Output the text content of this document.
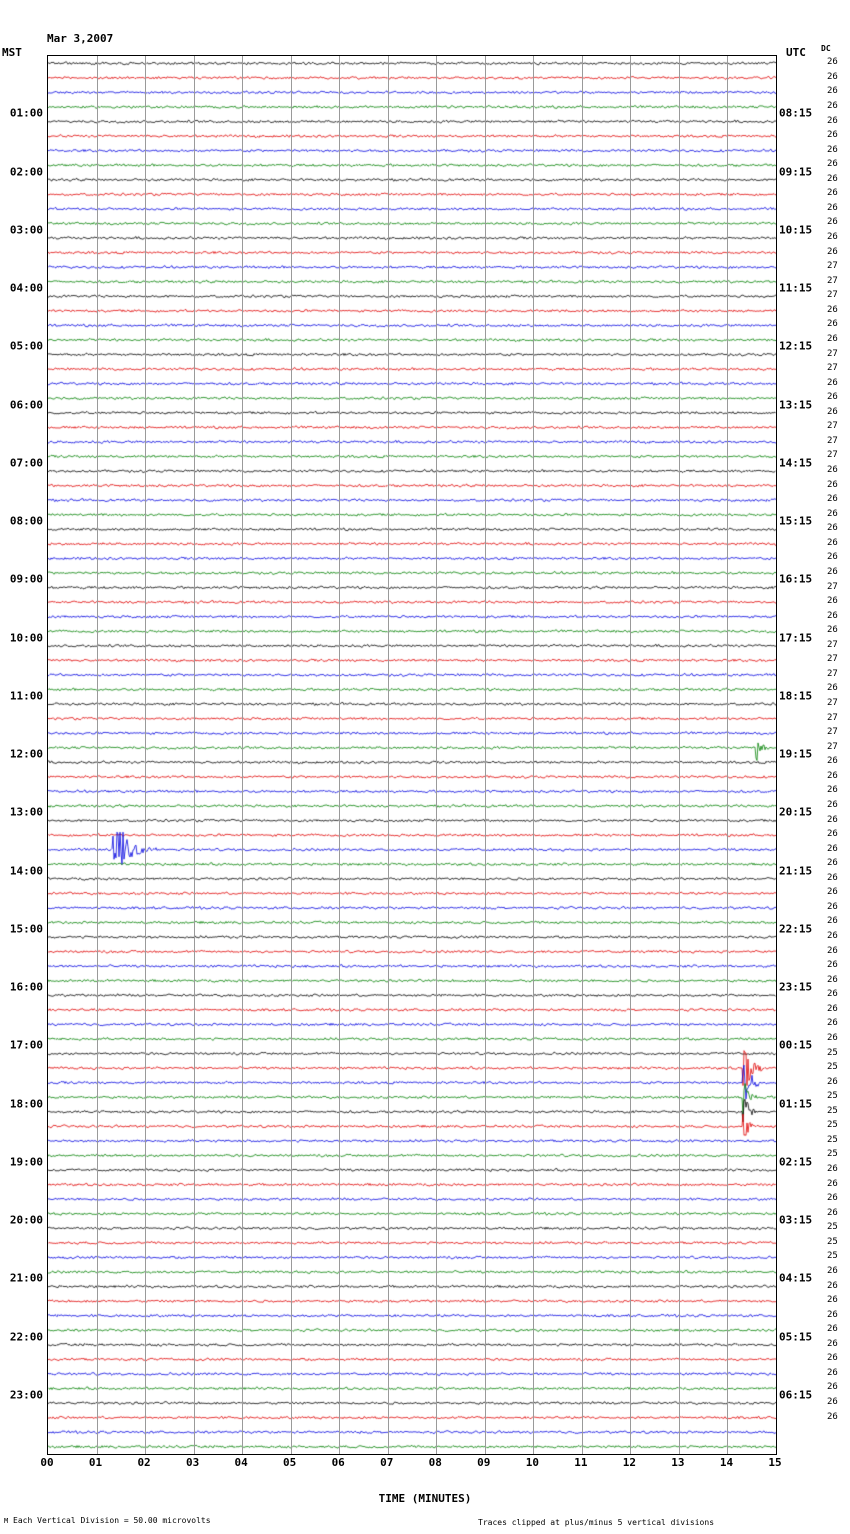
Mar 3,2007

MST	UTC DC
01:00
02:00
03:00
04:00
05:00
06:00
07:00
08:00
09:00
10:00
11:00
12:00
13:00
14:00
15:00
16:00
17:00
18:00
19:00
20:00
21:00
22:00
23:00
08:15
09:15
10:15
11:15
12:15
13:15
14:15
15:15
16:15
17:15
18:15
19:15
20:15
21:15
22:15
23:15
00:15
01:15
02:15
03:15
04:15
05:15
06:15
26
26
26
26
26
26
26
26
26
26
26
26
26
26
27
27
27
26
26
26
27
27
26
26
26
27
27
27
26
26
26
26
26
26
26
26
27
26
26
26
27
27
27
26
27
27
27
27
26
26
26
26
26
26
26
26
26
26
26
26
26
26
26
26
26
26
26
26
25
25
26
25
25
25
25
25
26
26
26
26
25
25
25
26
26
26
26
26
26
26
26
26
26
26
00	01	02	03	04	05	06	07	08	09	10	11	12	13	14	15
TIME (MINUTES)
M Each Vertical Division = 50.00 microvolts	Traces clipped at plus/minus 5 vertical divisions
